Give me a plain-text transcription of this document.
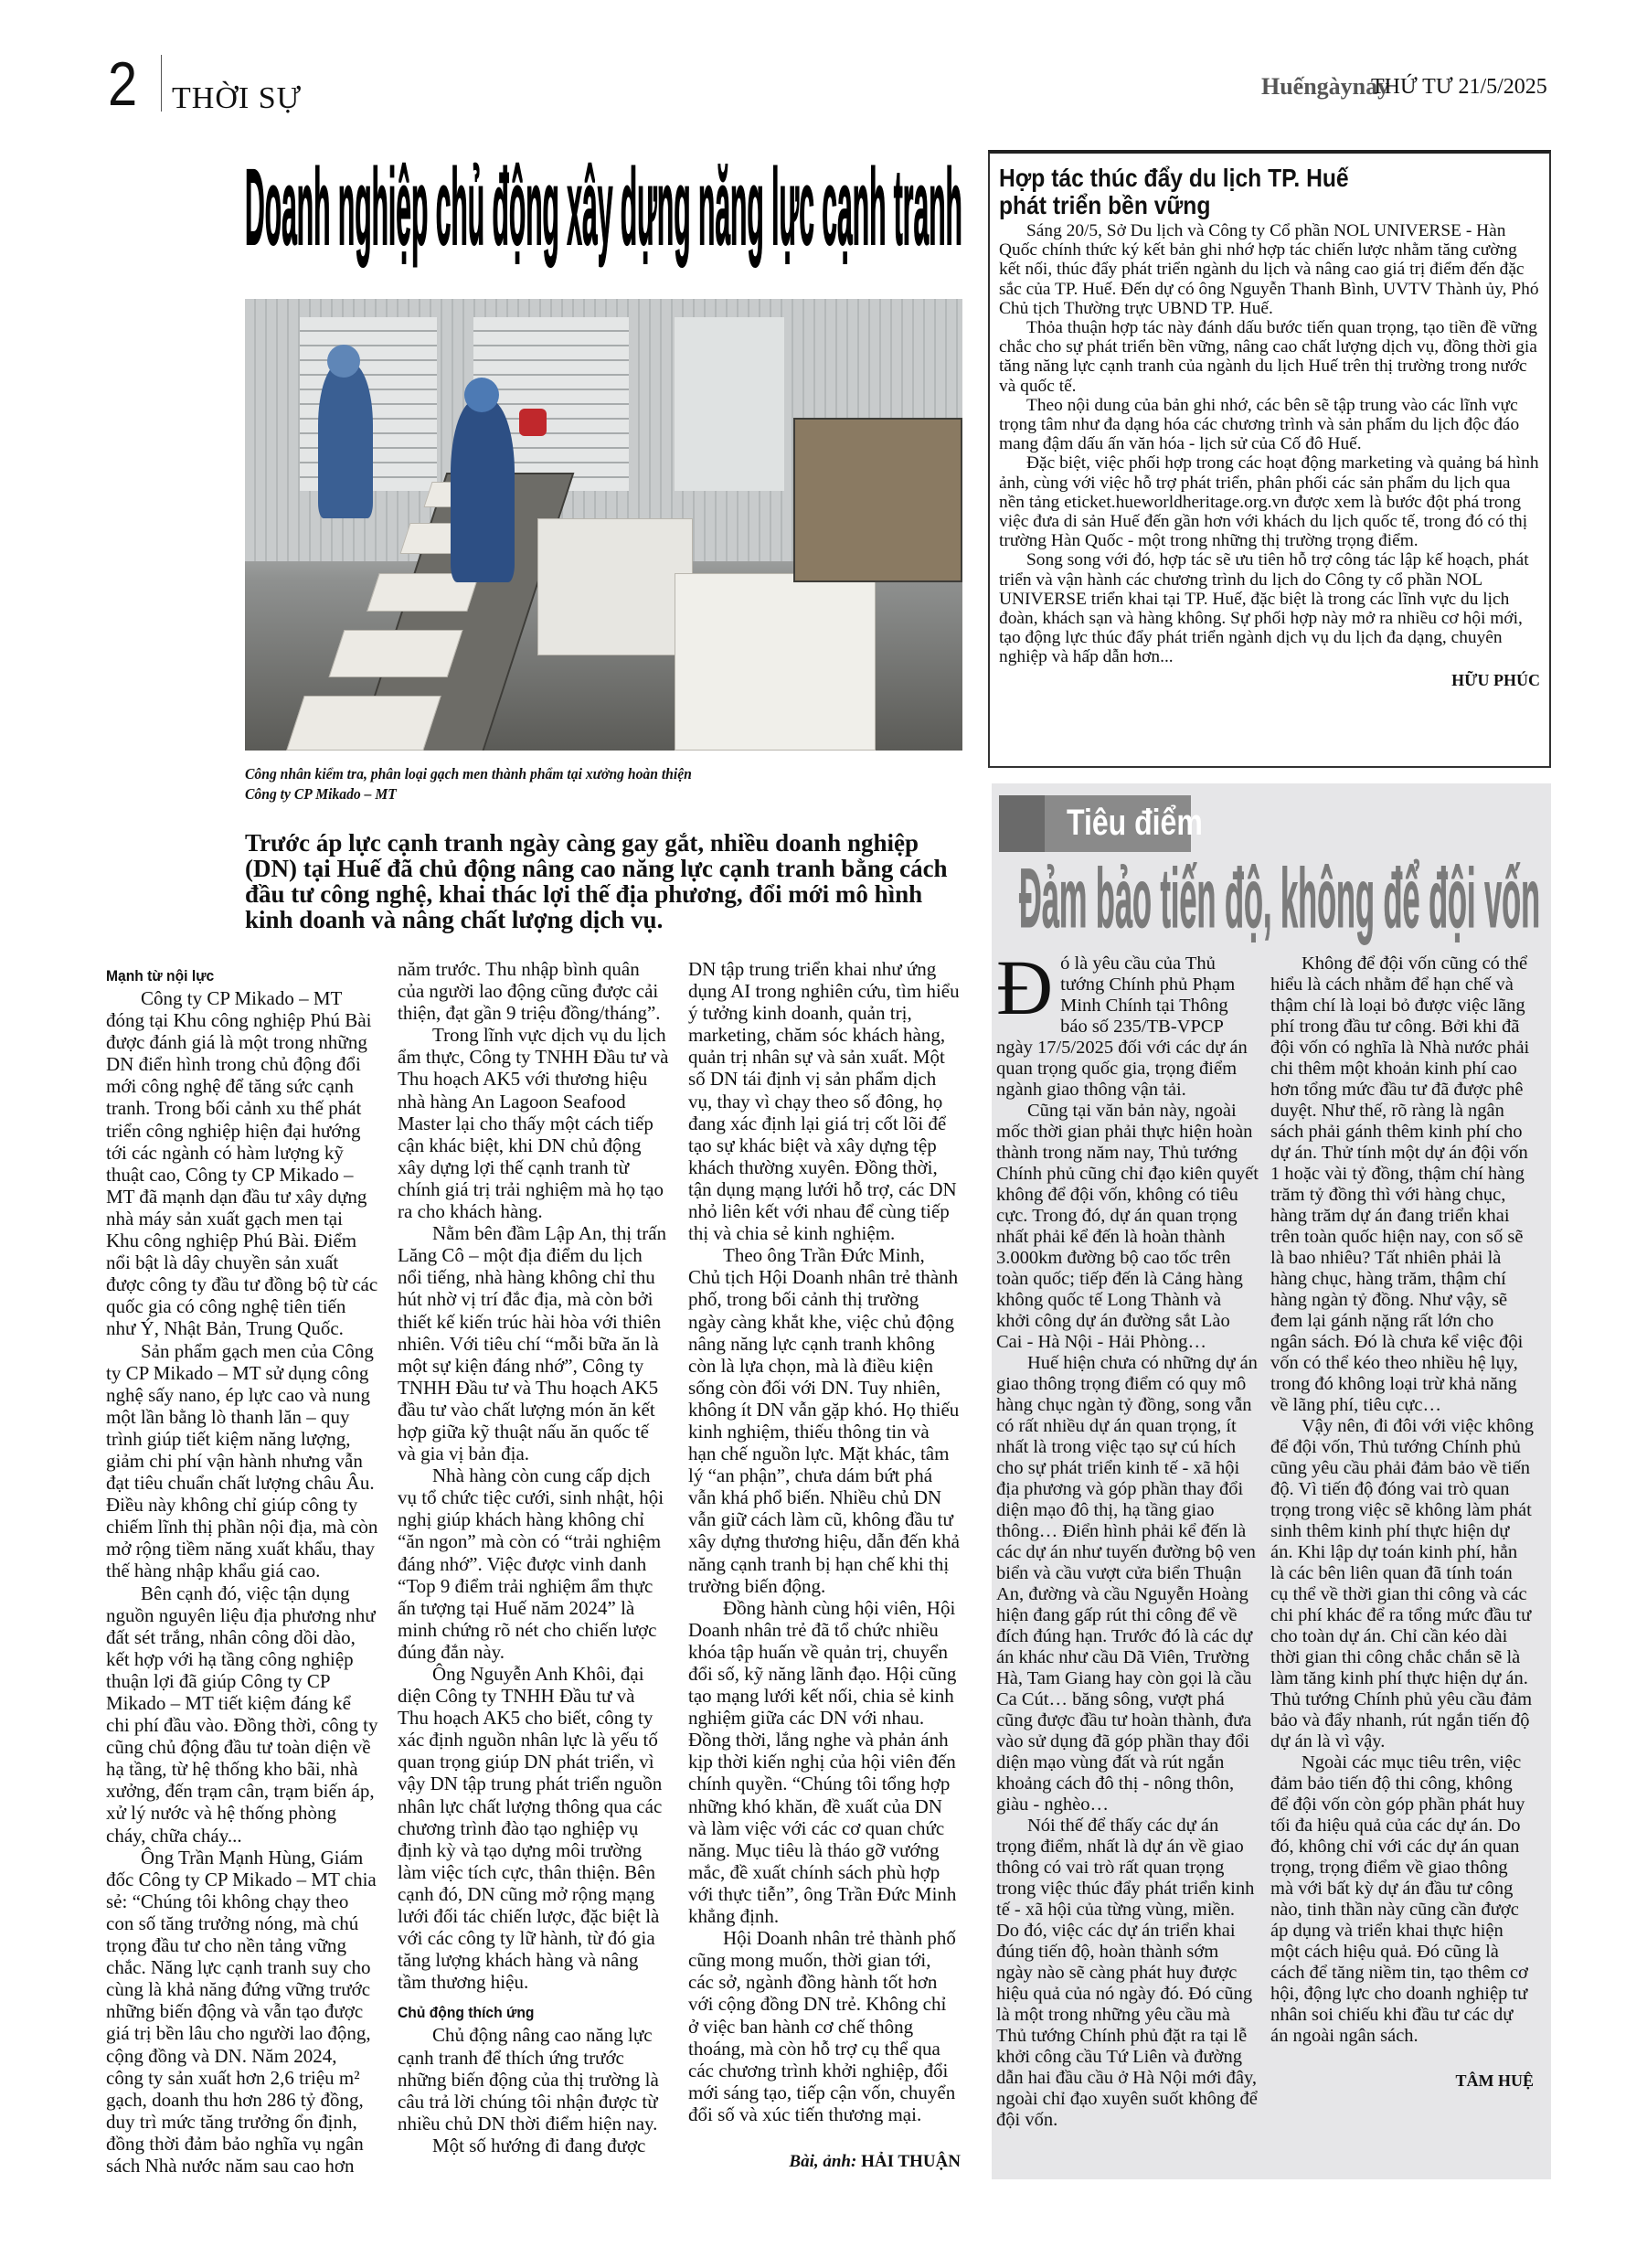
2 THỜI SỰ	Huếngàynay
THỨ TƯ 21/5/2025
Doanh nghiệp chủ động xây dựng năng lực cạnh tranh
Công nhân kiểm tra, phân loại gạch men thành phẩm tại xưởng hoàn thiện
Công ty CP Mikado – MT
Trước áp lực cạnh tranh ngày càng gay gắt, nhiều doanh nghiệp (DN) tại Huế đã chủ động nâng cao năng lực cạnh tranh bằng cách đầu tư công nghệ, khai thác lợi thế địa phương, đổi mới mô hình kinh doanh và nâng chất lượng dịch vụ.
Mạnh từ nội lực

Công ty CP Mikado – MT đóng tại Khu công nghiệp Phú Bài được đánh giá là một trong những DN điển hình trong chủ động đổi mới công nghệ để tăng sức cạnh tranh. Trong bối cảnh xu thế phát triển công nghiệp hiện đại hướng tới các ngành có hàm lượng kỹ thuật cao, Công ty CP Mikado – MT đã mạnh dạn đầu tư xây dựng nhà máy sản xuất gạch men tại Khu công nghiệp Phú Bài. Điểm nổi bật là dây chuyền sản xuất được công ty đầu tư đồng bộ từ các quốc gia có công nghệ tiên tiến như Ý, Nhật Bản, Trung Quốc.

Sản phẩm gạch men của Công ty CP Mikado – MT sử dụng công nghệ sấy nano, ép lực cao và nung một lần bằng lò thanh lăn – quy trình giúp tiết kiệm năng lượng, giảm chi phí vận hành nhưng vẫn đạt tiêu chuẩn chất lượng châu Âu. Điều này không chỉ giúp công ty chiếm lĩnh thị phần nội địa, mà còn mở rộng tiềm năng xuất khẩu, thay thế hàng nhập khẩu giá cao.

Bên cạnh đó, việc tận dụng nguồn nguyên liệu địa phương như đất sét trắng, nhân công dồi dào, kết hợp với hạ tầng công nghiệp thuận lợi đã giúp Công ty CP Mikado – MT tiết kiệm đáng kể chi phí đầu vào. Đồng thời, công ty cũng chủ động đầu tư toàn diện về hạ tầng, từ hệ thống kho bãi, nhà xưởng, đến trạm cân, trạm biến áp, xử lý nước và hệ thống phòng cháy, chữa cháy...

Ông Trần Mạnh Hùng, Giám đốc Công ty CP Mikado – MT chia sẻ: “Chúng tôi không chạy theo con số tăng trưởng nóng, mà chú trọng đầu tư cho nền tảng vững chắc. Năng lực cạnh tranh suy cho cùng là khả năng đứng vững trước những biến động và vẫn tạo được giá trị bền lâu cho người lao động, cộng đồng và DN. Năm 2024, công ty sản xuất hơn 2,6 triệu m² gạch, doanh thu hơn 286 tỷ đồng, duy trì mức tăng trưởng ổn định, đồng thời đảm bảo nghĩa vụ ngân sách Nhà nước năm sau cao hơn

năm trước. Thu nhập bình quân của người lao động cũng được cải thiện, đạt gần 9 triệu đồng/tháng”.

Trong lĩnh vực dịch vụ du lịch ẩm thực, Công ty TNHH Đầu tư và Thu hoạch AK5 với thương hiệu nhà hàng An Lagoon Seafood Master lại cho thấy một cách tiếp cận khác biệt, khi DN chủ động xây dựng lợi thế cạnh tranh từ chính giá trị trải nghiệm mà họ tạo ra cho khách hàng.

Nằm bên đầm Lập An, thị trấn Lăng Cô – một địa điểm du lịch nổi tiếng, nhà hàng không chỉ thu hút nhờ vị trí đắc địa, mà còn bởi thiết kế kiến trúc hài hòa với thiên nhiên. Với tiêu chí “mỗi bữa ăn là một sự kiện đáng nhớ”, Công ty TNHH Đầu tư và Thu hoạch AK5 đầu tư vào chất lượng món ăn kết hợp giữa kỹ thuật nấu ăn quốc tế và gia vị bản địa.

Nhà hàng còn cung cấp dịch vụ tổ chức tiệc cưới, sinh nhật, hội nghị giúp khách hàng không chỉ “ăn ngon” mà còn có “trải nghiệm đáng nhớ”. Việc được vinh danh “Top 9 điểm trải nghiệm ẩm thực ấn tượng tại Huế năm 2024” là minh chứng rõ nét cho chiến lược đúng đắn này.

Ông Nguyễn Anh Khôi, đại diện Công ty TNHH Đầu tư và Thu hoạch AK5 cho biết, công ty xác định nguồn nhân lực là yếu tố quan trọng giúp DN phát triển, vì vậy DN tập trung phát triển nguồn nhân lực chất lượng thông qua các chương trình đào tạo nghiệp vụ định kỳ và tạo dựng môi trường làm việc tích cực, thân thiện. Bên cạnh đó, DN cũng mở rộng mạng lưới đối tác chiến lược, đặc biệt là với các công ty lữ hành, từ đó gia tăng lượng khách hàng và nâng tầm thương hiệu.

Chủ động thích ứng

Chủ động nâng cao năng lực cạnh tranh để thích ứng trước những biến động của thị trường là câu trả lời chúng tôi nhận được từ nhiều chủ DN thời điểm hiện nay.

Một số hướng đi đang được

DN tập trung triển khai như ứng dụng AI trong nghiên cứu, tìm hiểu ý tưởng kinh doanh, quản trị, marketing, chăm sóc khách hàng, quản trị nhân sự và sản xuất. Một số DN tái định vị sản phẩm dịch vụ, thay vì chạy theo số đông, họ đang xác định lại giá trị cốt lõi để tạo sự khác biệt và xây dựng tệp khách thường xuyên. Đồng thời, tận dụng mạng lưới hỗ trợ, các DN nhỏ liên kết với nhau để cùng tiếp thị và chia sẻ kinh nghiệm.

Theo ông Trần Đức Minh, Chủ tịch Hội Doanh nhân trẻ thành phố, trong bối cảnh thị trường ngày càng khắt khe, việc chủ động nâng năng lực cạnh tranh không còn là lựa chọn, mà là điều kiện sống còn đối với DN. Tuy nhiên, không ít DN vẫn gặp khó. Họ thiếu kinh nghiệm, thiếu thông tin và hạn chế nguồn lực. Mặt khác, tâm lý “an phận”, chưa dám bứt phá vẫn khá phổ biến. Nhiều chủ DN vẫn giữ cách làm cũ, không đầu tư xây dựng thương hiệu, dẫn đến khả năng cạnh tranh bị hạn chế khi thị trường biến động.

Đồng hành cùng hội viên, Hội Doanh nhân trẻ đã tổ chức nhiều khóa tập huấn về quản trị, chuyển đổi số, kỹ năng lãnh đạo. Hội cũng tạo mạng lưới kết nối, chia sẻ kinh nghiệm giữa các DN với nhau. Đồng thời, lắng nghe và phản ánh kịp thời kiến nghị của hội viên đến chính quyền. “Chúng tôi tổng hợp những khó khăn, đề xuất của DN và làm việc với các cơ quan chức năng. Mục tiêu là tháo gỡ vướng mắc, đề xuất chính sách phù hợp với thực tiễn”, ông Trần Đức Minh khẳng định.

Hội Doanh nhân trẻ thành phố cũng mong muốn, thời gian tới, các sở, ngành đồng hành tốt hơn với cộng đồng DN trẻ. Không chỉ ở việc ban hành cơ chế thông thoáng, mà còn hỗ trợ cụ thể qua các chương trình khởi nghiệp, đổi mới sáng tạo, tiếp cận vốn, chuyển đổi số và xúc tiến thương mại.

Bài, ảnh: HẢI THUẬN
Hợp tác thúc đẩy du lịch TP. Huế phát triển bền vững

Sáng 20/5, Sở Du lịch và Công ty Cổ phần NOL UNIVERSE - Hàn Quốc chính thức ký kết bản ghi nhớ hợp tác chiến lược nhằm tăng cường kết nối, thúc đẩy phát triển ngành du lịch và nâng cao giá trị điểm đến đặc sắc của TP. Huế. Đến dự có ông Nguyễn Thanh Bình, UVTV Thành ủy, Phó Chủ tịch Thường trực UBND TP. Huế.

Thỏa thuận hợp tác này đánh dấu bước tiến quan trọng, tạo tiền đề vững chắc cho sự phát triển bền vững, nâng cao chất lượng dịch vụ, đồng thời gia tăng năng lực cạnh tranh của ngành du lịch Huế trên thị trường trong nước và quốc tế.

Theo nội dung của bản ghi nhớ, các bên sẽ tập trung vào các lĩnh vực trọng tâm như đa dạng hóa các chương trình và sản phẩm du lịch độc đáo mang đậm dấu ấn văn hóa - lịch sử của Cố đô Huế.

Đặc biệt, việc phối hợp trong các hoạt động marketing và quảng bá hình ảnh, cùng với việc hỗ trợ phát triển, phân phối các sản phẩm du lịch qua nền tảng eticket.hueworldheritage.org.vn được xem là bước đột phá trong việc đưa di sản Huế đến gần hơn với khách du lịch quốc tế, trong đó có thị trường Hàn Quốc - một trong những thị trường trọng điểm.

Song song với đó, hợp tác sẽ ưu tiên hỗ trợ công tác lập kế hoạch, phát triển và vận hành các chương trình du lịch do Công ty cổ phần NOL UNIVERSE triển khai tại TP. Huế, đặc biệt là trong các lĩnh vực du lịch đoàn, khách sạn và hàng không. Sự phối hợp này mở ra nhiều cơ hội mới, tạo động lực thúc đẩy phát triển ngành dịch vụ du lịch đa dạng, chuyên nghiệp và hấp dẫn hơn...

HỮU PHÚC
Tiêu điểm
Đảm bảo tiến độ, không để đội vốn
Đ ó là yêu cầu của Thủ tướng Chính phủ Phạm Minh Chính tại Thông báo số 235/TB-VPCP ngày 17/5/2025 đối với các dự án quan trọng quốc gia, trọng điểm ngành giao thông vận tải.

Cũng tại văn bản này, ngoài mốc thời gian phải thực hiện hoàn thành trong năm nay, Thủ tướng Chính phủ cũng chỉ đạo kiên quyết không để đội vốn, không có tiêu cực. Trong đó, dự án quan trọng nhất phải kể đến là hoàn thành 3.000km đường bộ cao tốc trên toàn quốc; tiếp đến là Cảng hàng không quốc tế Long Thành và khởi công dự án đường sắt Lào Cai - Hà Nội - Hải Phòng…

Huế hiện chưa có những dự án giao thông trọng điểm có quy mô hàng chục ngàn tỷ đồng, song vẫn có rất nhiều dự án quan trọng, ít nhất là trong việc tạo sự cú hích cho sự phát triển kinh tế - xã hội địa phương và góp phần thay đổi diện mạo đô thị, hạ tầng giao thông… Điển hình phải kể đến là các dự án như tuyến đường bộ ven biển và cầu vượt cửa biển Thuận An, đường và cầu Nguyễn Hoàng hiện đang gấp rút thi công để về đích đúng hạn. Trước đó là các dự án khác như cầu Dã Viên, Trường Hà, Tam Giang hay còn gọi là cầu Ca Cút… băng sông, vượt phá cũng được đầu tư hoàn thành, đưa vào sử dụng đã góp phần thay đổi diện mạo vùng đất và rút ngắn khoảng cách đô thị - nông thôn, giàu - nghèo…

Nói thế để thấy các dự án trọng điểm, nhất là dự án về giao thông có vai trò rất quan trọng trong việc thúc đẩy phát triển kinh tế - xã hội của từng vùng, miền. Do đó, việc các dự án triển khai đúng tiến độ, hoàn thành sớm ngày nào sẽ càng phát huy được hiệu quả của nó ngày đó. Đó cũng là một trong những yêu cầu mà Thủ tướng Chính phủ đặt ra tại lễ khởi công cầu Tứ Liên và đường dẫn hai đầu cầu ở Hà Nội mới đây, ngoài chỉ đạo xuyên suốt không để đội vốn.

Không để đội vốn cũng có thể hiểu là cách nhằm để hạn chế và thậm chí là loại bỏ được việc lãng phí trong đầu tư công. Bởi khi đã đội vốn có nghĩa là Nhà nước phải chi thêm một khoản kinh phí cao hơn tổng mức đầu tư đã được phê duyệt. Như thế, rõ ràng là ngân sách phải gánh thêm kinh phí cho dự án. Thử tính một dự án đội vốn 1 hoặc vài tỷ đồng, thậm chí hàng trăm tỷ đồng thì với hàng chục, hàng trăm dự án đang triển khai trên toàn quốc hiện nay, con số sẽ là bao nhiêu? Tất nhiên phải là hàng chục, hàng trăm, thậm chí hàng ngàn tỷ đồng. Như vậy, sẽ đem lại gánh nặng rất lớn cho ngân sách. Đó là chưa kể việc đội vốn có thể kéo theo nhiều hệ lụy, trong đó không loại trừ khả năng về lãng phí, tiêu cực…

Vậy nên, đi đôi với việc không để đội vốn, Thủ tướng Chính phủ cũng yêu cầu phải đảm bảo về tiến độ. Vì tiến độ đóng vai trò quan trọng trong việc sẽ không làm phát sinh thêm kinh phí thực hiện dự án. Khi lập dự toán kinh phí, hẳn là các bên liên quan đã tính toán cụ thể về thời gian thi công và các chi phí khác để ra tổng mức đầu tư cho toàn dự án. Chỉ cần kéo dài thời gian thi công chắc chắn sẽ là làm tăng kinh phí thực hiện dự án. Thủ tướng Chính phủ yêu cầu đảm bảo và đẩy nhanh, rút ngắn tiến độ dự án là vì vậy.

Ngoài các mục tiêu trên, việc đảm bảo tiến độ thi công, không để đội vốn còn góp phần phát huy tối đa hiệu quả của các dự án. Do đó, không chỉ với các dự án quan trọng, trọng điểm về giao thông mà với bất kỳ dự án đầu tư công nào, tinh thần này cũng cần được áp dụng và triển khai thực hiện một cách hiệu quả. Đó cũng là cách để tăng niềm tin, tạo thêm cơ hội, động lực cho doanh nghiệp tư nhân soi chiếu khi đầu tư các dự án ngoài ngân sách.

TÂM HUỆ
